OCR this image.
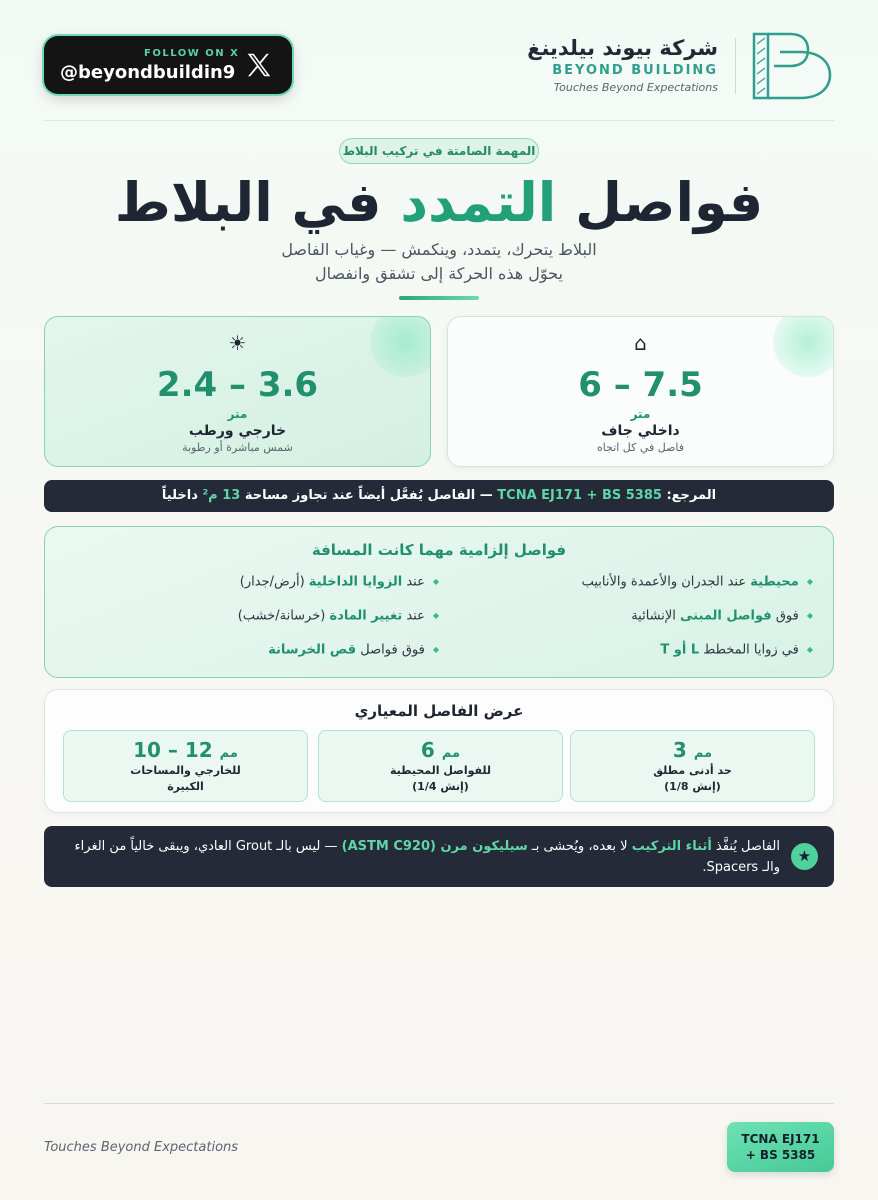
FOLLOW ON X
@beyondbuildin9
شركة بيوند بيلدينغ
BEYOND BUILDING
Touches Beyond Expectations
المهمة الصامتة في تركيب البلاط
فواصل التمدد في البلاط
البلاط يتحرك، يتمدد، وينكمش — وغياب الفاصل
يحوّل هذه الحركة إلى تشقق وانفصال
⌂
6 – 7.5
متر
داخلي جاف
فاصل في كل اتجاه
☀
2.4 – 3.6
متر
خارجي ورطب
شمس مباشرة أو رطوبة
المرجع: TCNA EJ171 + BS 5385 — الفاصل يُفعَّل أيضاً عند تجاوز مساحة 13 م² داخلياً
فواصل إلزامية مهما كانت المسافة
◆ محيطية عند الجدران والأعمدة والأنابيب
◆ عند الزوايا الداخلية (أرض/جدار)
◆ فوق فواصل المبنى الإنشائية
◆ عند تغيير المادة (خرسانة/خشب)
◆ في زوايا المخطط L أو T
◆ فوق فواصل قص الخرسانة
عرض الفاصل المعياري
3 مم
حد أدنى مطلق
(1/8 إنش)
6 مم
للفواصل المحيطية
(1/4 إنش)
10 – 12 مم
للخارجي والمساحات
الكبيرة
★
الفاصل يُنفَّذ أثناء التركيب لا بعده، ويُحشى بـ سيليكون مرن (ASTM C920) — ليس بالـ Grout العادي، ويبقى خالياً من الغراء والـ Spacers.
Touches Beyond Expectations
TCNA EJ171
+ BS 5385
